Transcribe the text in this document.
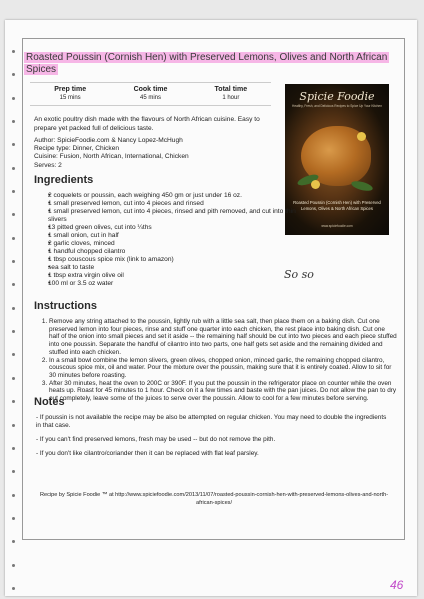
Roasted Poussin (Cornish Hen) with Preserved Lemons, Olives and North African Spices
Prep time
15 mins
Cook time
45 mins
Total time
1 hour
An exotic poultry dish made with the flavours of North African cuisine. Easy to prepare yet packed full of delicious taste.
Author: SpicieFoodie.com & Nancy Lopez-McHugh
Recipe type: Dinner, Chicken
Cuisine: Fusion, North African, International, Chicken
Serves: 2
Spicie Foodie
Healthy, Fresh, and Delicious Recipes to Spice Up Your Kitchen
Roasted Poussin (Cornish Hen) with Preserved Lemons, Olives & North African Spices
www.spiciefoodie.com
Ingredients
• 2 coquelets or poussin, each weighing 450 gm or just under 16 oz.
• 1 small preserved lemon, cut into 4 pieces and rinsed
• 1 small preserved lemon, cut into 4 pieces, rinsed and pith removed, and cut into thin slivers
• 13 pitted green olives, cut into ¼ths
• 1 small onion, cut in half
• 2 garlic cloves, minced
• 1 handful chopped cilantro
• 1 tbsp couscous spice mix (link to amazon)
• sea salt to taste
• 1 tbsp extra virgin olive oil
• 100 ml or 3.5 oz water
So so
Instructions
1. Remove any string attached to the poussin, lightly rub with a little sea salt, then place them on a baking dish. Cut one preserved lemon into four pieces, rinse and stuff one quarter into each chicken, the rest place into baking dish. Cut one half of the onion into small pieces and set it aside -- the remaining half should be cut into two pieces and each piece stuffed into one poussin. Separate the handful of cilantro into two parts, one half gets set aside and the remaining divided and stuffed into each chicken.
2. In a small bowl combine the lemon slivers, green olives, chopped onion, minced garlic, the remaining chopped cilantro, couscous spice mix, oil and water. Pour the mixture over the poussin, making sure that it is entirely coated. Allow to sit for 30 minutes before roasting.
3. After 30 minutes, heat the oven to 200C or 390F. If you put the poussin in the refrigerator place on counter while the oven heats up. Roast for 45 minutes to 1 hour. Check on it a few times and baste with the pan juices. Do not allow the pan to dry out completely, leave some of the juices to serve over the poussin. Allow to cool for a few minutes before serving.
Notes

- If poussin is not available the recipe may be also be attempted on regular chicken. You may need to double the ingredients in that case.

- If you can't find preserved lemons, fresh may be used -- but do not remove the pith.

- If you don't like cilantro/coriander then it can be replaced with flat leaf parsley.

Recipe by Spicie Foodie ™ at http://www.spiciefoodie.com/2013/11/07/roasted-poussin-cornish-hen-with-preserved-lemons-olives-and-north-african-spices/
46
